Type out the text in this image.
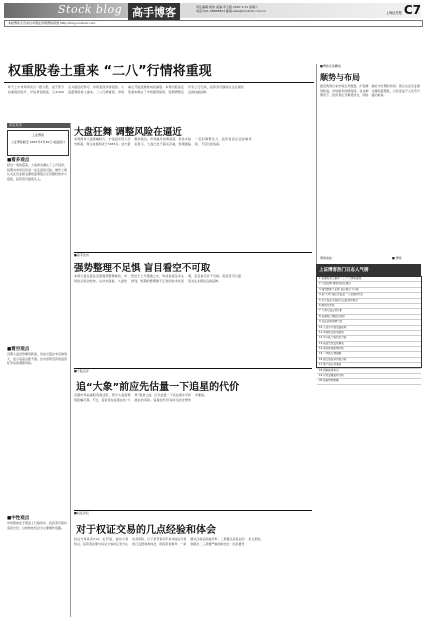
Stock blog 高手博客	责任编辑:周伟 美编:李玉强 2007.3.31 星期六
电话:021-58858823 邮箱:zwei@cnstock.com.cn	上海证券报 C7
本版博客文章来自中国证券网博客频道 http://blog.cnstock.com
权重股卷土重来 “二八”行情将重现
昨天上午市场再次以一根大阳，由于部分权重股的拉升，沪指再创新高，以3,000点为最后的争夺，市场表现非常强劲。大盘蓝筹股卷土重来，二八行情重现，市场重心开始逐渐转向权重股。本周内股指走势基本确认了市场强势格局，短期调整后仍有上行空间，投资者可继续关注业绩优良的权重品种。
多空对决
上证博客
上证博客截至 2007年3月30日 收盘统计
■看多观点
经过一周的震荡，大盘再次确认了上升趋势，短期内市场仍有进一步走高的可能。操作上建议关注有业绩支撑的蓝筹股以及有题材的中小盘股，投资者可逢低买入。
■看空观点
近期大盘虽然屡创新高，但成交量并未有效放大，显示追高意愿不强。后市需防范获利盘回吐带来的调整风险。
■中性观点
市场整体处于震荡上行格局中，投资者可保持适度仓位，以结构性机会为主要操作思路。
大盘狂舞 调整风险在逼近
本周两市大盘涨幅较大，沪指盘中创下历史新高，周五收盘报收于3183点。成交量维持高位，市场做多热情高涨。但技术指标显示，大盘已处于超买区域，短期面临一定的调整压力。投资者需注意控制风险，不宜过度追高。
■高手论市
强势整理不足惧 盲目看空不可取
本周大盘在高位呈现强势整理格局，市场热点轮动较快。从技术面看，大盘依然处于上升通道之中，均线系统呈多头排列，短期的整理属于正常的技术性回调，盲目看空并不可取。投资者可以逢低关注业绩优良的品种。
■个股点评
追“大象”前应先估量一下追星的代价
近期市场权重股表现活跃，部分大盘蓝筹股涨幅可观。不过，投资者在追涨这些“大象”股票之前，应先估量一下其估值水平和潜在的风险。追星的代价有时可能比想象中要高。
■权证论坛
对于权证交易的几点经验和体会
权证交易具有T+0、杠杆高、波动大等特点，投资者在参与权证交易时应充分认识其风险。以下是笔者多年来对权证交易的几点经验和体会，供投资者参考：一是要关注权证的溢价率；二是要注意权证的到期日；三是要严格控制仓位；四是要设好止损位。
■博客名家精选
顺势与布局
最近两周以来市场走势强劲，沪指屡创新高，市场做多热情高涨。在这种情况下，投资者应当顺势而为，同时做好中长期的布局。建议关注有业绩支撑的蓝筹股，以及受益于人民币升值的板块。
■ 博客
博客地址:
上证博客热门日志人气榜
1 权重股卷土重来 “二八”行情将重现
2 大盘狂舞 调整风险在逼近
3 强势整理不足惧 盲目看空不可取
4 追“大象”前应先估量一下追星的代价
5 对于权证交易的几点经验和体会
6 顺势与布局
7 下周大盘走势分析
8 蓝筹股行情能否持续
9 关注业绩预增个股
10 人民币升值受益板块
11 市场热点轮动加快
12 中小板个股机会分析
13 基金仓位变化解读
14 两会政策影响分析
15 一季报行情前瞻
16 银行股投资价值分析
17 地产股走势展望
18 钢铁板块机会
19 有色金属板块分析
20 新股申购策略
